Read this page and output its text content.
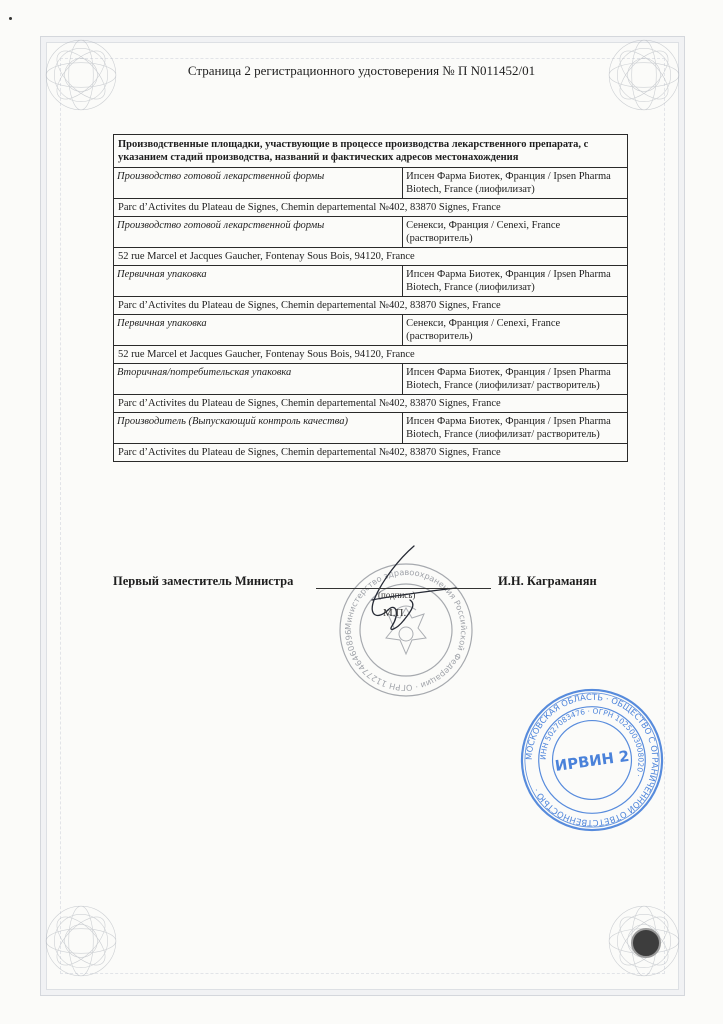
Страница 2 регистрационного удостоверения № П N011452/01
Производственные площадки, участвующие в процессе производства лекарственного препарата, с указанием стадий производства, названий и фактических адресов местонахождения	
Производство готовой лекарственной формы	Ипсен Фарма Биотек, Франция / Ipsen Pharma Biotech, France (лиофилизат)
Parc d’Activites du Plateau de Signes, Chemin departemental №402, 83870 Signes, France	
Производство готовой лекарственной формы	Сенекси, Франция / Cenexi, France (растворитель)
52 rue Marcel et Jacques Gaucher, Fontenay Sous Bois, 94120, France	
Первичная упаковка	Ипсен Фарма Биотек, Франция / Ipsen Pharma Biotech, France (лиофилизат)
Parc d’Activites du Plateau de Signes, Chemin departemental №402, 83870 Signes, France	
Первичная упаковка	Сенекси, Франция / Cenexi, France (растворитель)
52 rue Marcel et Jacques Gaucher, Fontenay Sous Bois, 94120, France	
Вторичная/потребительская упаковка	Ипсен Фарма Биотек, Франция / Ipsen Pharma Biotech, France (лиофилизат/ растворитель)
Parc d’Activites du Plateau de Signes, Chemin departemental №402, 83870 Signes, France	
Производитель (Выпускающий контроль качества)	Ипсен Фарма Биотек, Франция / Ipsen Pharma Biotech, France (лиофилизат/ растворитель)
Parc d’Activites du Plateau de Signes, Chemin departemental №402, 83870 Signes, France	
Министерство здравоохранения Российской Федерации · ОГРН 1127746460896
Первый заместитель Министра	И.Н. Каграманян
(подпись)
М.П.
МОСКОВСКАЯ ОБЛАСТЬ · ОБЩЕСТВО С ОГРАНИЧЕННОЙ ОТВЕТСТВЕННОСТЬЮ ·
ИНН 5027083476 · ОГРН 1025003008020 ·
ИРВИН 2
